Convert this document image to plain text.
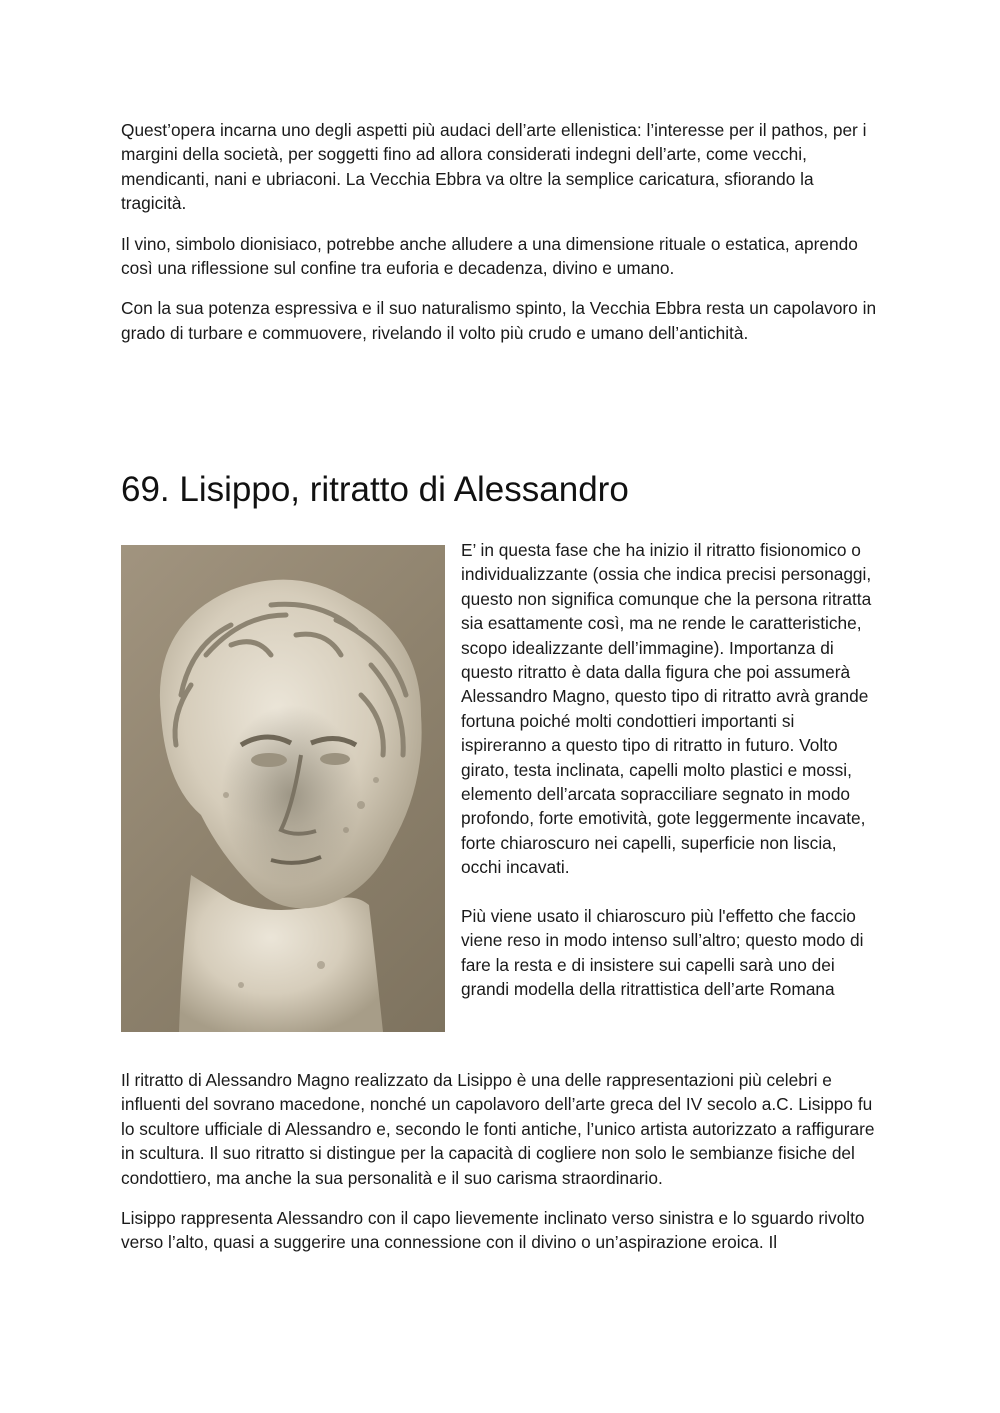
Quest’opera incarna uno degli aspetti più audaci dell’arte ellenistica: l’interesse per il pathos, per i margini della società, per soggetti fino ad allora considerati indegni dell’arte, come vecchi, mendicanti, nani e ubriaconi. La Vecchia Ebbra va oltre la semplice caricatura, sfiorando la tragicità.

Il vino, simbolo dionisiaco, potrebbe anche alludere a una dimensione rituale o estatica, aprendo così una riflessione sul confine tra euforia e decadenza, divino e umano.

Con la sua potenza espressiva e il suo naturalismo spinto, la Vecchia Ebbra resta un capolavoro in grado di turbare e commuovere, rivelando il volto più crudo e umano dell’antichità.

69. Lisippo, ritratto di Alessandro

E’ in questa fase che ha inizio il ritratto fisionomico o individualizzante (ossia che indica precisi personaggi, questo non significa comunque che la persona ritratta sia esattamente così, ma ne rende le caratteristiche, scopo idealizzante dell’immagine). Importanza di questo ritratto è data dalla figura che poi assumerà Alessandro Magno, questo tipo di ritratto avrà grande fortuna poiché molti condottieri importanti si ispireranno a questo tipo di ritratto in futuro. Volto girato, testa inclinata, capelli molto plastici e mossi, elemento dell’arcata sopracciliare segnato in modo profondo, forte emotività, gote leggermente incavate, forte chiaroscuro nei capelli, superficie non liscia, occhi incavati.

Più viene usato il chiaroscuro più l'effetto che faccio viene reso in modo intenso sull’altro; questo modo di fare la resta e di insistere sui capelli sarà uno dei grandi modella della ritrattistica dell’arte Romana

Il ritratto di Alessandro Magno realizzato da Lisippo è una delle rappresentazioni più celebri e influenti del sovrano macedone, nonché un capolavoro dell’arte greca del IV secolo a.C. Lisippo fu lo scultore ufficiale di Alessandro e, secondo le fonti antiche, l’unico artista autorizzato a raffigurare in scultura. Il suo ritratto si distingue per la capacità di cogliere non solo le sembianze fisiche del condottiero, ma anche la sua personalità e il suo carisma straordinario.

Lisippo rappresenta Alessandro con il capo lievemente inclinato verso sinistra e lo sguardo rivolto verso l’alto, quasi a suggerire una connessione con il divino o un’aspirazione eroica. Il
